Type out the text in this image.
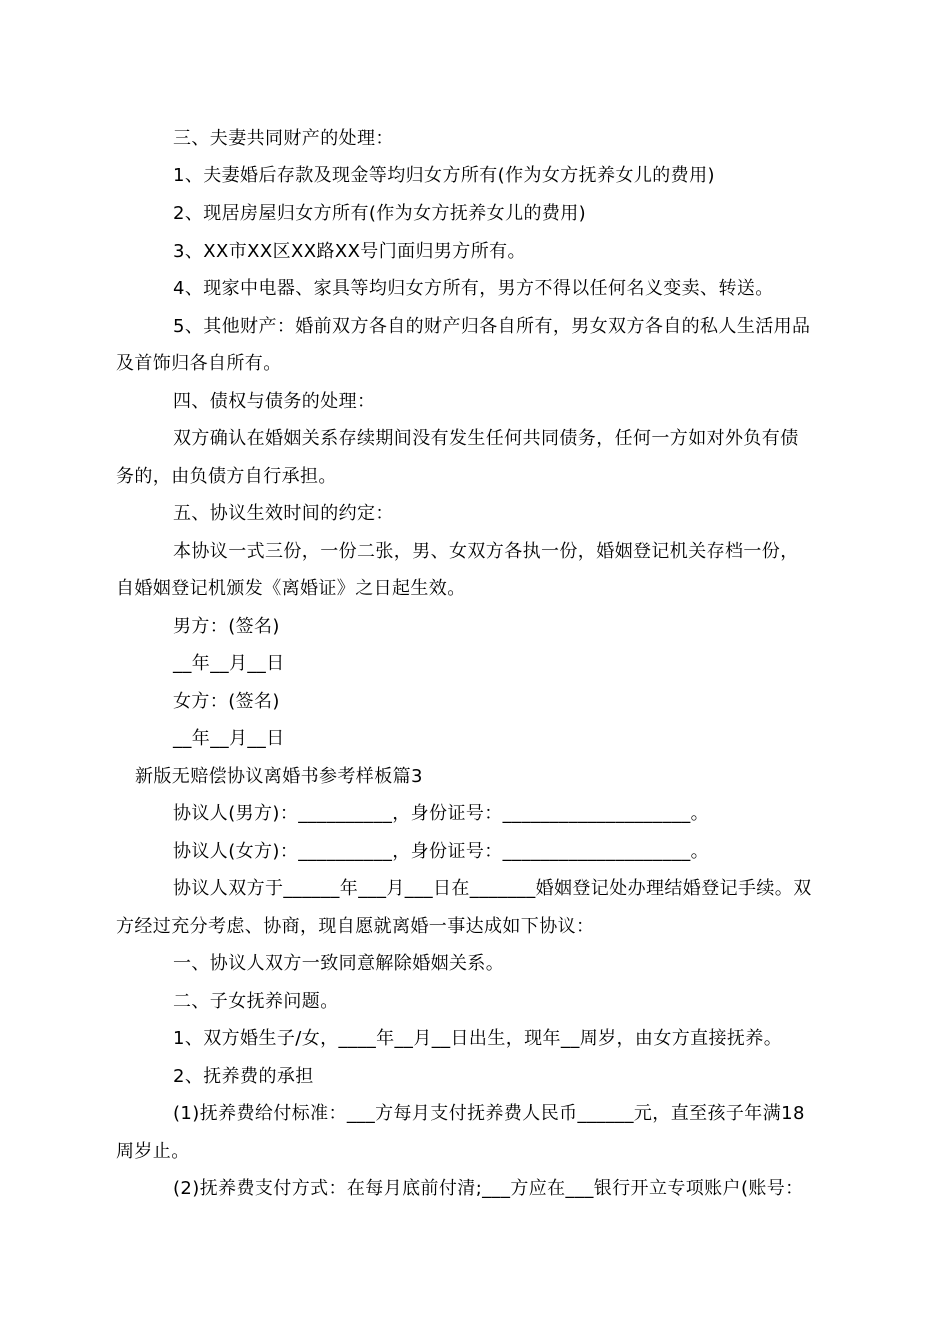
三、夫妻共同财产的处理：
1、夫妻婚后存款及现金等均归女方所有(作为女方抚养女儿的费用)
2、现居房屋归女方所有(作为女方抚养女儿的费用)
3、XX市XX区XX路XX号门面归男方所有。
4、现家中电器、家具等均归女方所有，男方不得以任何名义变卖、转送。
5、其他财产：婚前双方各自的财产归各自所有，男女双方各自的私人生活用品
及首饰归各自所有。
四、债权与债务的处理：
双方确认在婚姻关系存续期间没有发生任何共同债务，任何一方如对外负有债
务的，由负债方自行承担。
五、协议生效时间的约定：
本协议一式三份，一份二张，男、女双方各执一份，婚姻登记机关存档一份，
自婚姻登记机颁发《离婚证》之日起生效。
男方：(签名)
__年__月__日
女方：(签名)
__年__月__日
新版无赔偿协议离婚书参考样板篇3
协议人(男方)：__________，身份证号：____________________。
协议人(女方)：__________，身份证号：____________________。
协议人双方于______年___月___日在_______婚姻登记处办理结婚登记手续。双
方经过充分考虑、协商，现自愿就离婚一事达成如下协议：
一、协议人双方一致同意解除婚姻关系。
二、子女抚养问题。
1、双方婚生子/女，____年__月__日出生，现年__周岁，由女方直接抚养。
2、抚养费的承担
(1)抚养费给付标准：___方每月支付抚养费人民币______元，直至孩子年满18
周岁止。
(2)抚养费支付方式：在每月底前付清;___方应在___银行开立专项账户(账号：
